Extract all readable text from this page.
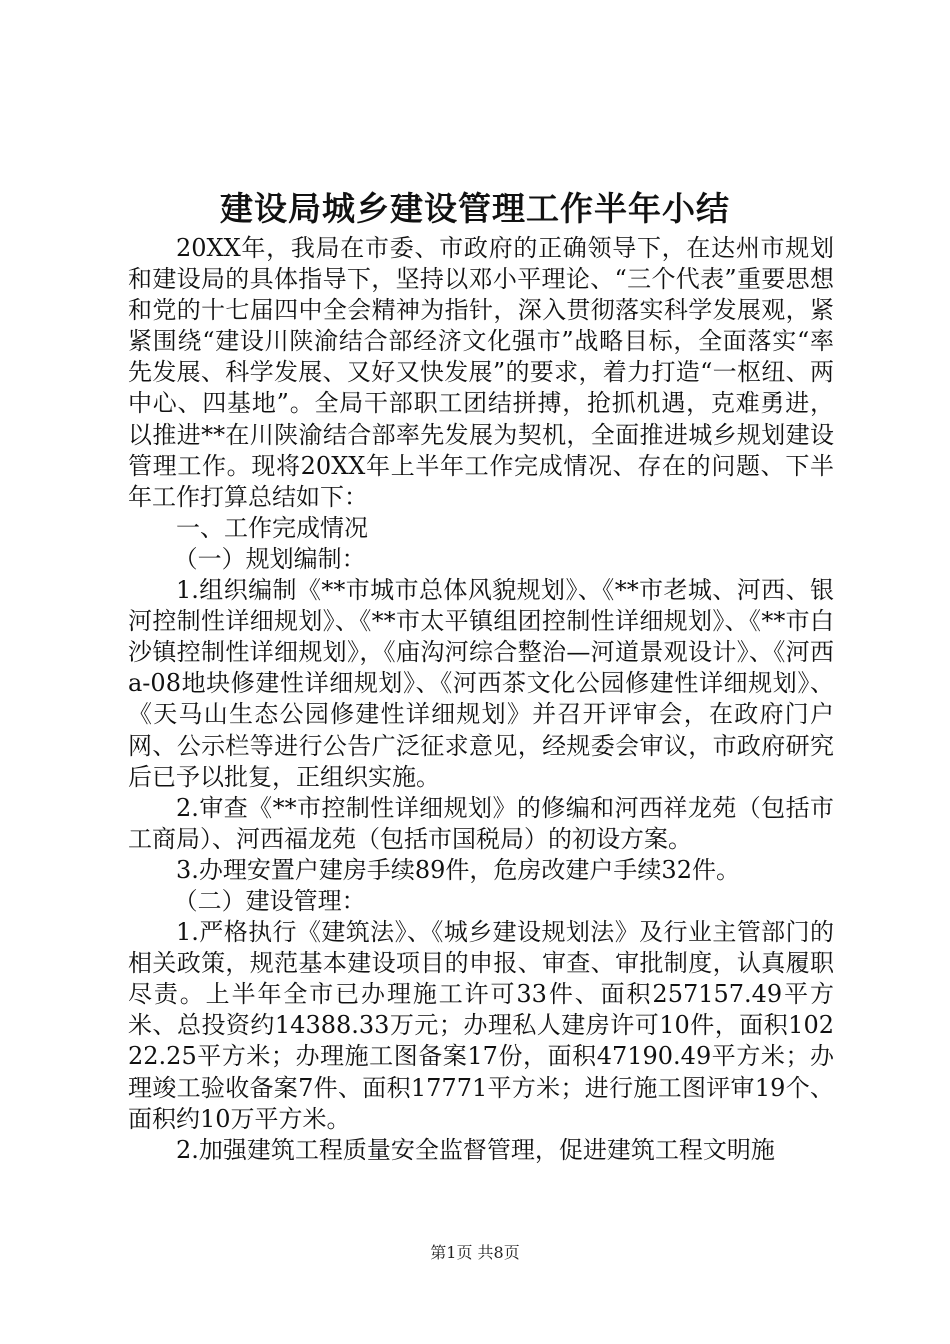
建设局城乡建设管理工作半年小结

20XX年，我局在市委、市政府的正确领导下，在达州市规划和建设局的具体指导下，坚持以邓小平理论、“三个代表”重要思想和党的十七届四中全会精神为指针，深入贯彻落实科学发展观，紧紧围绕“建设川陕渝结合部经济文化强市”战略目标，全面落实“率先发展、科学发展、又好又快发展”的要求，着力打造“一枢纽、两中心、四基地”。全局干部职工团结拼搏，抢抓机遇，克难勇进，以推进**在川陕渝结合部率先发展为契机，全面推进城乡规划建设管理工作。现将20XX年上半年工作完成情况、存在的问题、下半年工作打算总结如下：

一、工作完成情况

（一）规划编制：

1.组织编制《**市城市总体风貌规划》、《**市老城、河西、银河控制性详细规划》、《**市太平镇组团控制性详细规划》、《**市白沙镇控制性详细规划》，《庙沟河综合整治—河道景观设计》、《河西a-08地块修建性详细规划》、《河西茶文化公园修建性详细规划》、《天马山生态公园修建性详细规划》并召开评审会，在政府门户网、公示栏等进行公告广泛征求意见，经规委会审议，市政府研究后已予以批复，正组织实施。

2.审查《**市控制性详细规划》的修编和河西祥龙苑（包括市工商局）、河西福龙苑（包括市国税局）的初设方案。

3.办理安置户建房手续89件，危房改建户手续32件。

（二）建设管理：

1.严格执行《建筑法》、《城乡建设规划法》及行业主管部门的相关政策，规范基本建设项目的申报、审查、审批制度，认真履职尽责。上半年全市已办理施工许可33件、面积257157.49平方米、总投资约14388.33万元；办理私人建房许可10件，面积10222.25平方米；办理施工图备案17份，面积47190.49平方米；办理竣工验收备案7件、面积17771平方米；进行施工图评审19个、面积约10万平方米。

2.加强建筑工程质量安全监督管理，促进建筑工程文明施

第1页 共8页
